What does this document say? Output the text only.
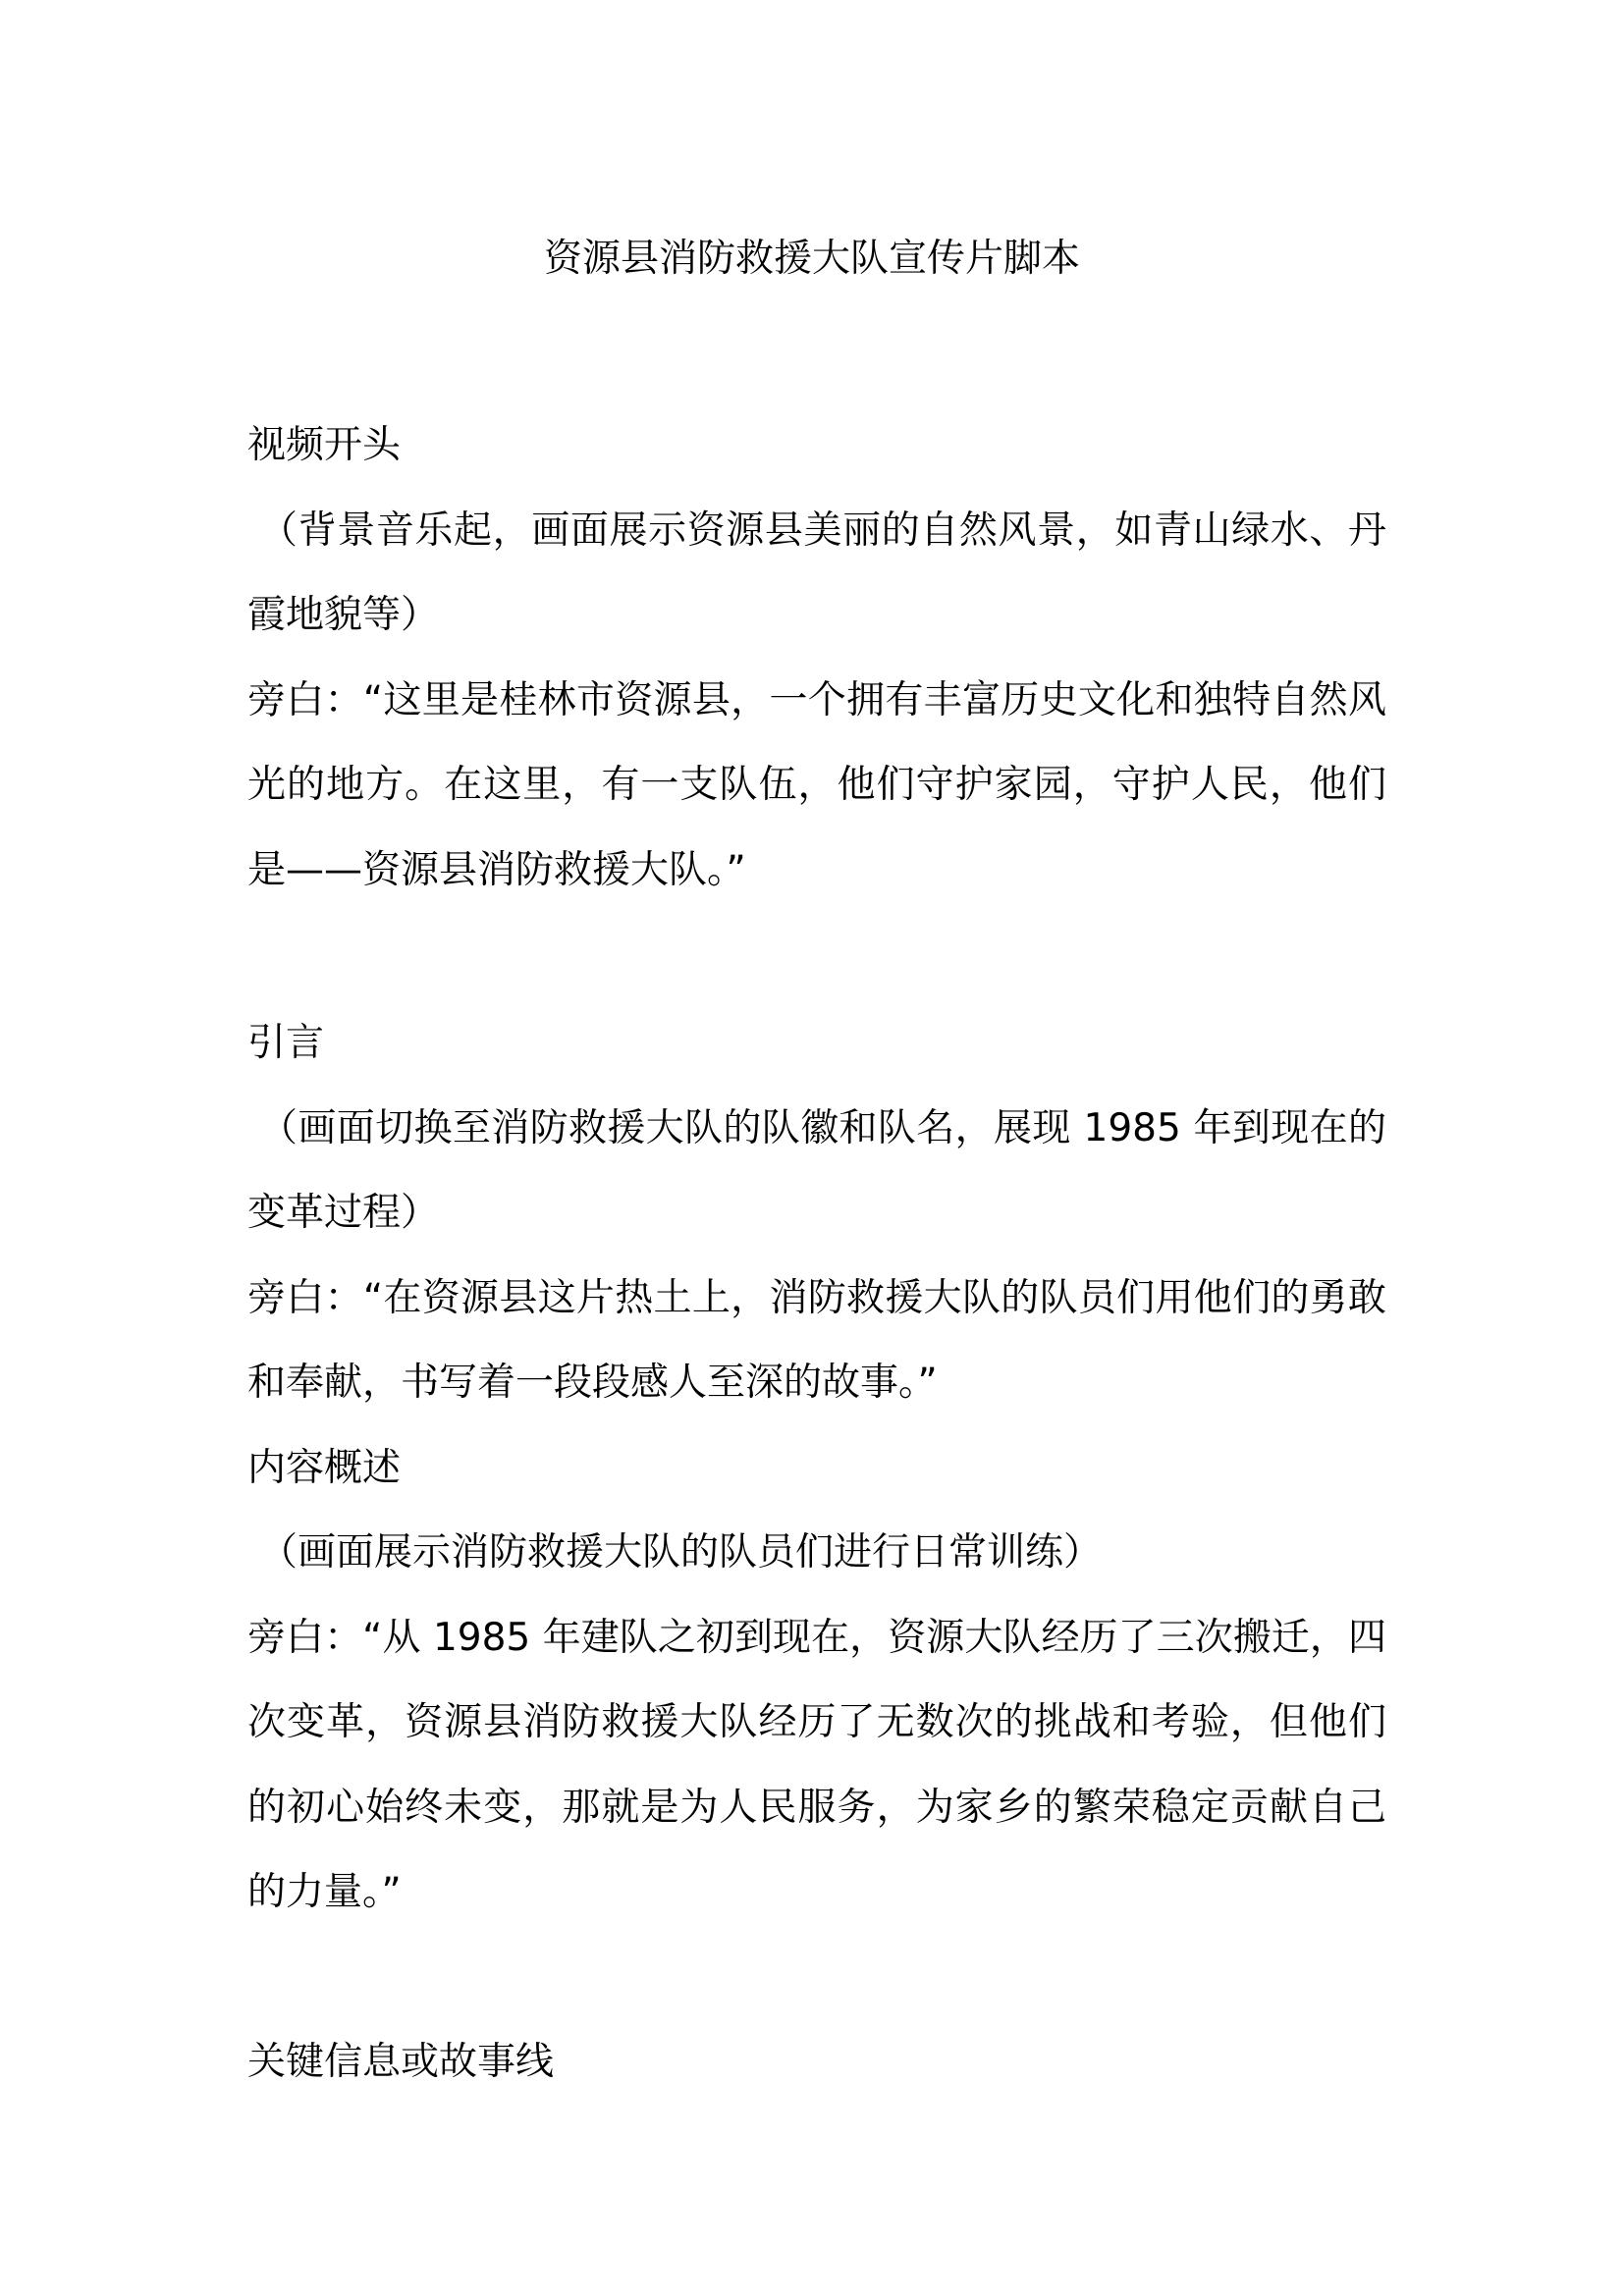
资源县消防救援大队宣传片脚本

视频开头

（背景音乐起，画面展示资源县美丽的自然风景，如青山绿水、丹霞地貌等）

旁白：“这里是桂林市资源县，一个拥有丰富历史文化和独特自然风光的地方。在这里，有一支队伍，他们守护家园，守护人民，他们是——资源县消防救援大队。”

引言

（画面切换至消防救援大队的队徽和队名，展现 1985 年到现在的变革过程）

旁白：“在资源县这片热土上，消防救援大队的队员们用他们的勇敢和奉献，书写着一段段感人至深的故事。”

内容概述

（画面展示消防救援大队的队员们进行日常训练）

旁白：“从 1985 年建队之初到现在，资源大队经历了三次搬迁，四次变革，资源县消防救援大队经历了无数次的挑战和考验，但他们的初心始终未变，那就是为人民服务，为家乡的繁荣稳定贡献自己的力量。”

关键信息或故事线
